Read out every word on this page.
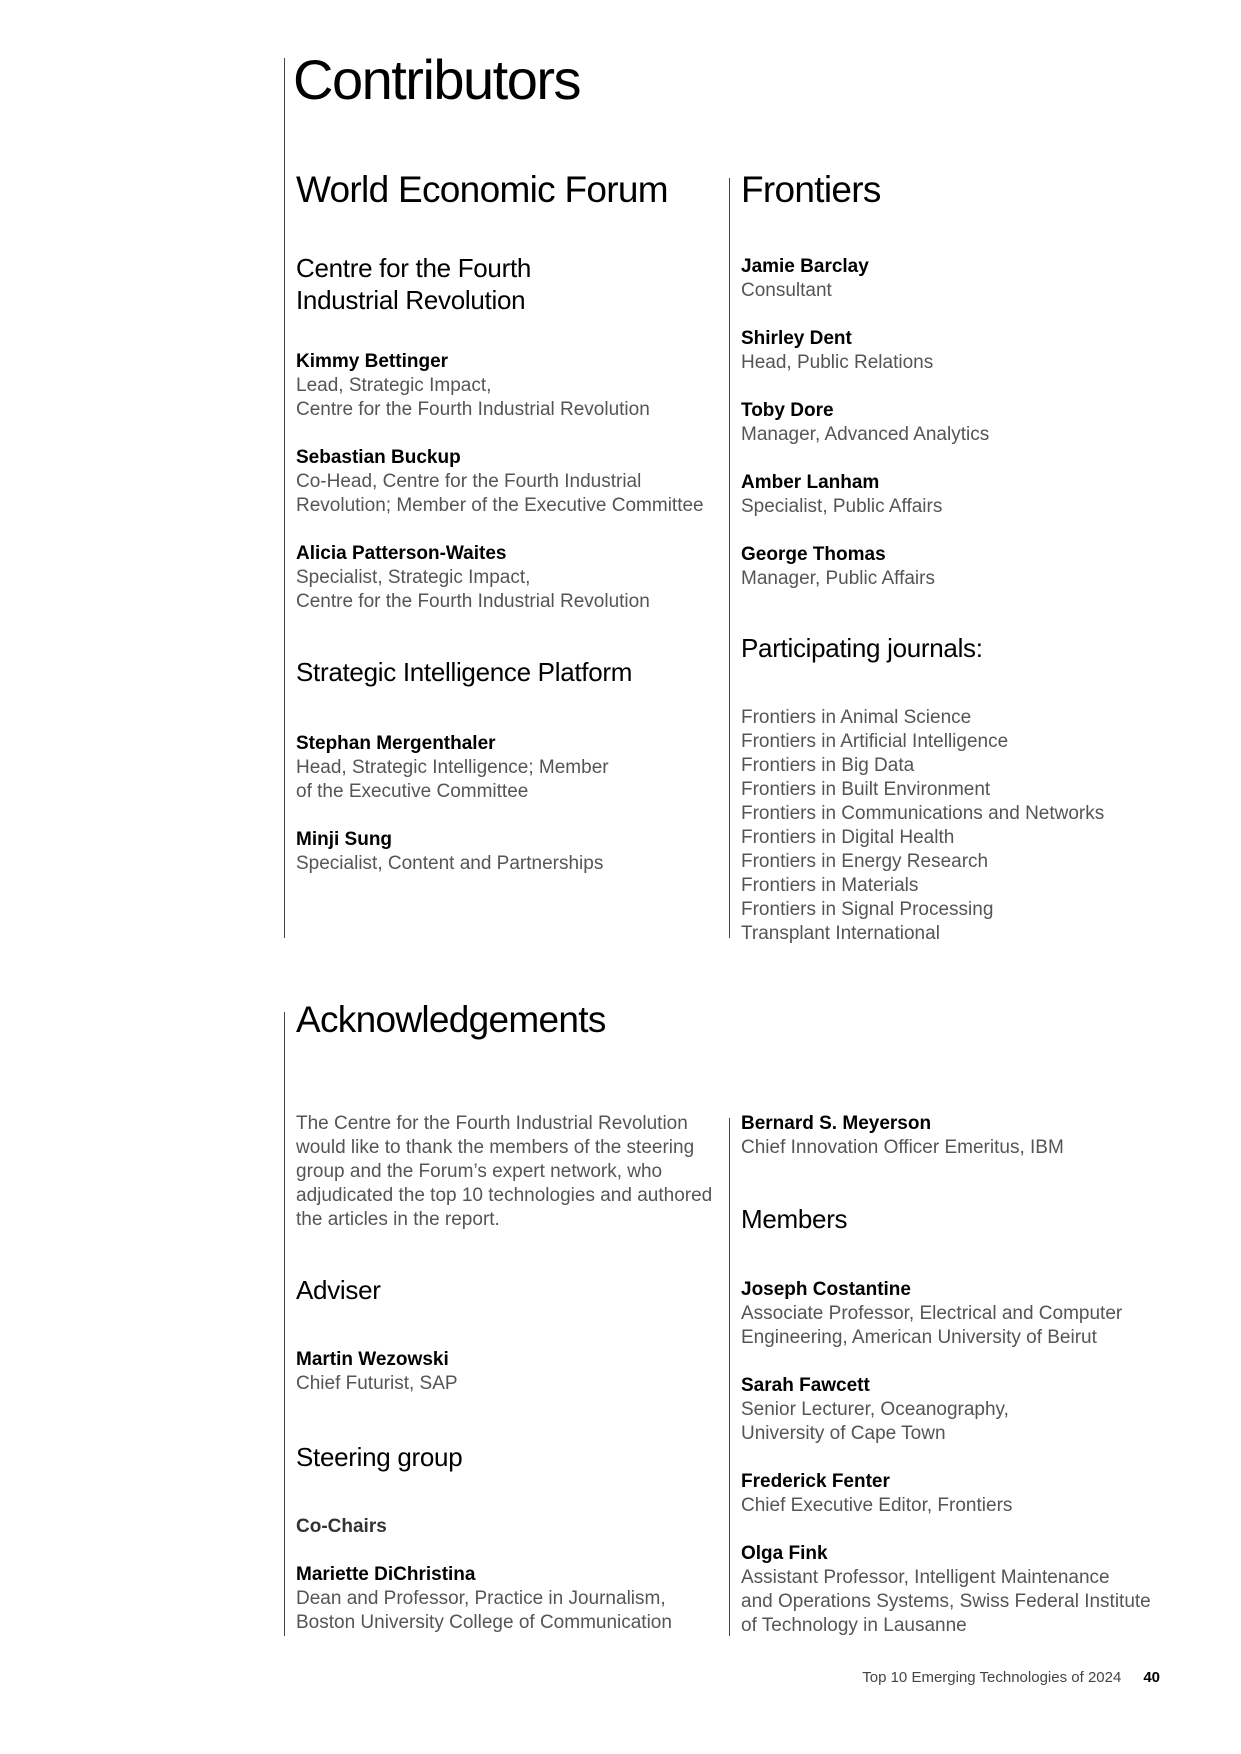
Contributors
World Economic Forum
Centre for the Fourth
Industrial Revolution
Kimmy Bettinger
Lead, Strategic Impact,
Centre for the Fourth Industrial Revolution
Sebastian Buckup
Co-Head, Centre for the Fourth Industrial
Revolution; Member of the Executive Committee
Alicia Patterson-Waites
Specialist, Strategic Impact,
Centre for the Fourth Industrial Revolution
Strategic Intelligence Platform
Stephan Mergenthaler
Head, Strategic Intelligence; Member
of the Executive Committee
Minji Sung
Specialist, Content and Partnerships
Frontiers
Jamie Barclay
Consultant
Shirley Dent
Head, Public Relations
Toby Dore
Manager, Advanced Analytics
Amber Lanham
Specialist, Public Affairs
George Thomas
Manager, Public Affairs
Participating journals:
Frontiers in Animal Science
Frontiers in Artificial Intelligence
Frontiers in Big Data
Frontiers in Built Environment
Frontiers in Communications and Networks
Frontiers in Digital Health
Frontiers in Energy Research
Frontiers in Materials
Frontiers in Signal Processing
Transplant International
Acknowledgements
The Centre for the Fourth Industrial Revolution would like to thank the members of the steering group and the Forum’s expert network, who adjudicated the top 10 technologies and authored the articles in the report.
Adviser
Martin Wezowski
Chief Futurist, SAP
Steering group
Co-Chairs
Mariette DiChristina
Dean and Professor, Practice in Journalism,
Boston University College of Communication
Bernard S. Meyerson
Chief Innovation Officer Emeritus, IBM
Members
Joseph Costantine
Associate Professor, Electrical and Computer
Engineering, American University of Beirut
Sarah Fawcett
Senior Lecturer, Oceanography,
University of Cape Town
Frederick Fenter
Chief Executive Editor, Frontiers
Olga Fink
Assistant Professor, Intelligent Maintenance
and Operations Systems, Swiss Federal Institute
of Technology in Lausanne
Top 10 Emerging Technologies of 2024 40
